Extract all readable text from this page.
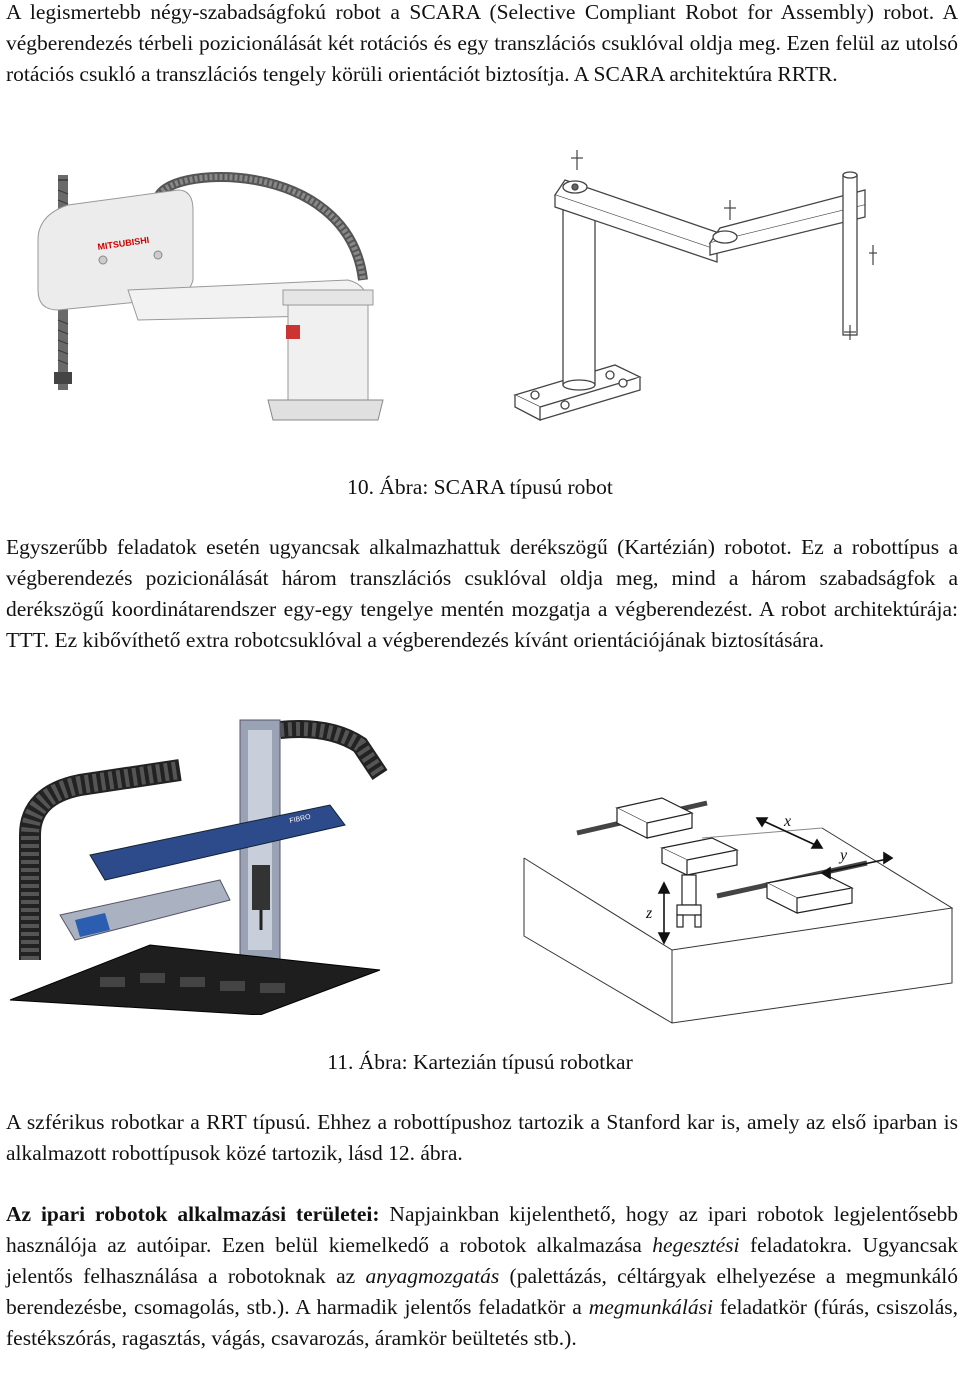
A legismertebb négy-szabadságfokú robot a SCARA (Selective Compliant Robot for Assembly) robot. A végberendezés térbeli pozicionálását két rotációs és egy transzlációs csuklóval oldja meg. Ezen felül az utolsó rotációs csukló a transzlációs tengely körüli orientációt biztosítja. A SCARA architektúra RRTR.

MITSUBISHI
10. Ábra: SCARA típusú robot

Egyszerűbb feladatok esetén ugyancsak alkalmazhattuk derékszögű (Kartézián) robotot. Ez a robottípus a végberendezés pozicionálását három transzlációs csuklóval oldja meg, mind a három szabadságfok a derékszögű koordinátarendszer egy-egy tengelye mentén mozgatja a végberendezést. A robot architektúrája: TTT. Ez kibővíthető extra robotcsuklóval a végberendezés kívánt orientációjának biztosítására.

FIBRO	x
y
z
11. Ábra: Kartezián típusú robotkar

A szférikus robotkar a RRT típusú. Ehhez a robottípushoz tartozik a Stanford kar is, amely az első iparban is alkalmazott robottípusok közé tartozik, lásd 12. ábra.

Az ipari robotok alkalmazási területei: Napjainkban kijelenthető, hogy az ipari robotok legjelentősebb használója az autóipar. Ezen belül kiemelkedő a robotok alkalmazása hegesztési feladatokra. Ugyancsak jelentős felhasználása a robotoknak az anyagmozgatás (palettázás, céltárgyak elhelyezése a megmunkáló berendezésbe, csomagolás, stb.). A harmadik jelentős feladatkör a megmunkálási feladatkör (fúrás, csiszolás, festékszórás, ragasztás, vágás, csavarozás, áramkör beültetés stb.).
